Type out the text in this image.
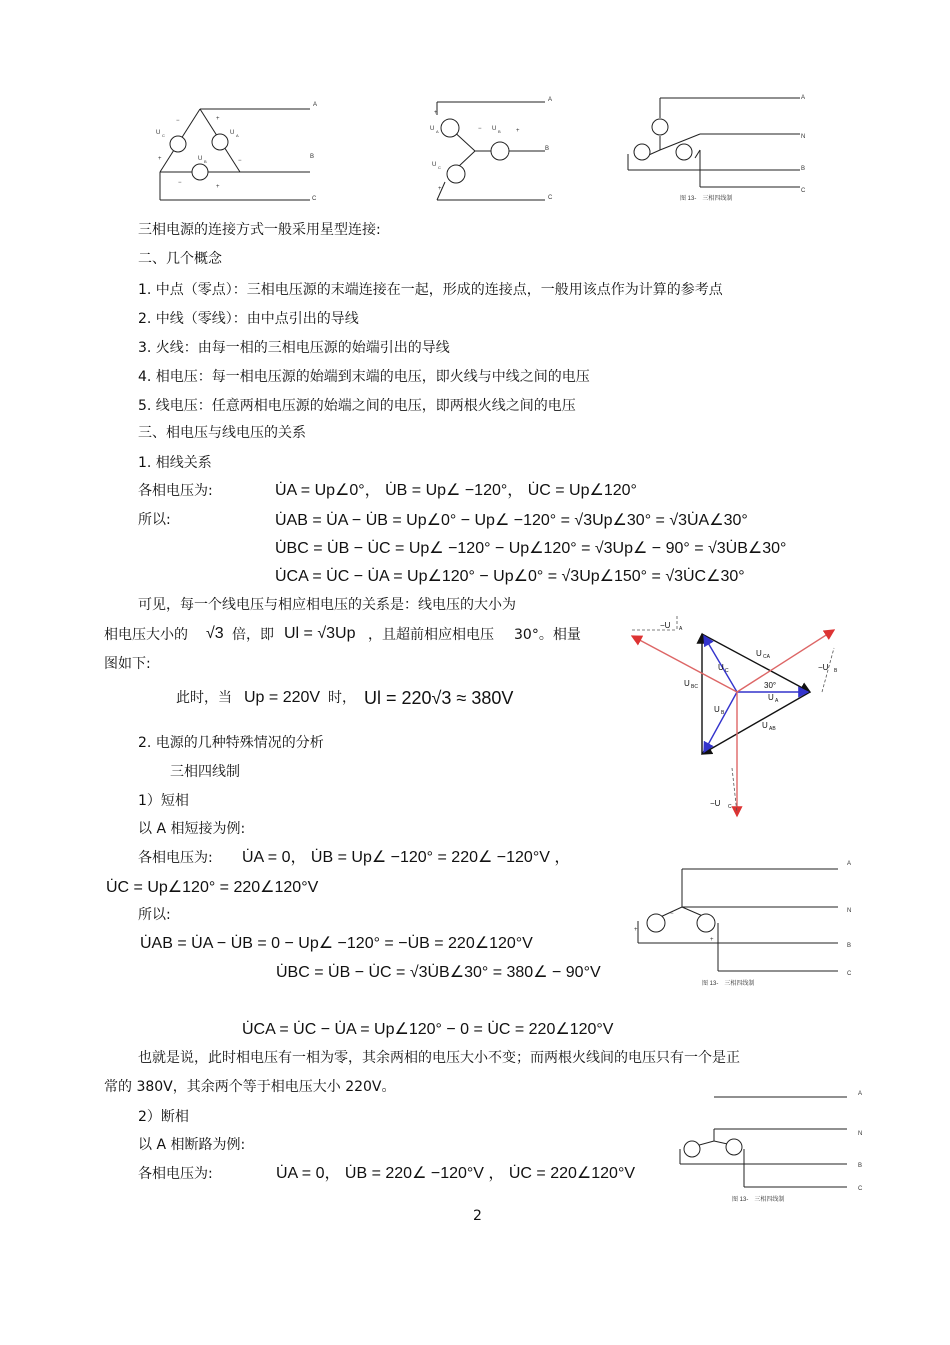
A
B
C
U C	U A
U B
+
+
+
−
−
−
A
B
C
U A	U B
U C
+
+
+
−
A
N
B
C
图 13-　三相四线制
三相电源的连接方式一般采用星型连接:
二、几个概念
1. 中点（零点）：三相电压源的末端连接在一起，形成的连接点，一般用该点作为计算的参考点
2. 中线（零线）：由中点引出的导线
3. 火线：由每一相的三相电压源的始端引出的导线
4. 相电压：每一相电压源的始端到末端的电压，即火线与中线之间的电压
5. 线电压：任意两相电压源的始端之间的电压，即两根火线之间的电压
三、相电压与线电压的关系
1. 相线关系
各相电压为:
所以:
U̇A = Up∠0°， U̇B = Up∠ −120°， U̇C = Up∠120°
U̇AB = U̇A − U̇B = Up∠0° − Up∠ −120° = √3Up∠30° = √3U̇A∠30°
U̇BC = U̇B − U̇C = Up∠ −120° − Up∠120° = √3Up∠ − 90° = √3U̇B∠30°
U̇CA = U̇C − U̇A = Up∠120° − Up∠0° = √3Up∠150° = √3U̇C∠30°
可见，每一个线电压与相应相电压的关系是：线电压的大小为
相电压大小的 √3 倍，即 Ul = √3Up ，且超前相应相电压 30°。相量
图如下:
此时，当 Up = 220V 时， Ul = 220√3 ≈ 380V
−U A
U CA
U C	−U B
U BC	30°
U A
U B
U AB
−U C
2. 电源的几种特殊情况的分析
三相四线制
1）短相
以 A 相短接为例:
各相电压为: U̇A = 0， U̇B = Up∠ −120° = 220∠ −120°V ，
U̇C = Up∠120° = 220∠120°V
所以:
U̇AB = U̇A − U̇B = 0 − Up∠ −120° = −U̇B = 220∠120°V
U̇BC = U̇B − U̇C = √3U̇B∠30° = 380∠ − 90°V
U̇CA = U̇C − U̇A = Up∠120° − 0 = U̇C = 220∠120°V
A
N
B
C
图 13-　三相四线制
+
+
−
也就是说，此时相电压有一相为零，其余两相的电压大小不变；而两根火线间的电压只有一个是正
常的 380V，其余两个等于相电压大小 220V。
2）断相
以 A 相断路为例:
各相电压为:	U̇A = 0， U̇B = 220∠ −120°V ， U̇C = 220∠120°V
A
N
B
C
图 13-　三相四线制
2
